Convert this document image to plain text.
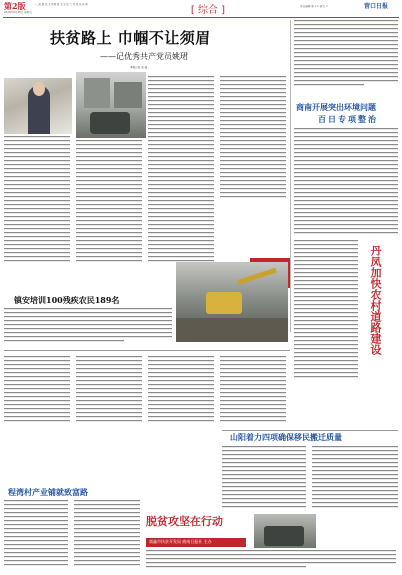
第2版	一二版 眼 信 北 联盟 新 来 光 版 等 评 发 论 传 媒
2019年9月20日 星期五	[ 综合 ]	责任编辑 唐 ×× 版式 ×	营口日报
扶贫路上 巾帼不让须眉
——记优秀共产党员姚珺
本报记者 张 丽
商南开展突出环境问题
百日专项整治
丹凤加快农村道路建设
镇安培训100残疾农民189名
山阳着力四项确保移民搬迁质量
程湾村产业铺就致富路
脱贫攻坚在行动
商鑫市扶贫开发局 商南日报社 主办
